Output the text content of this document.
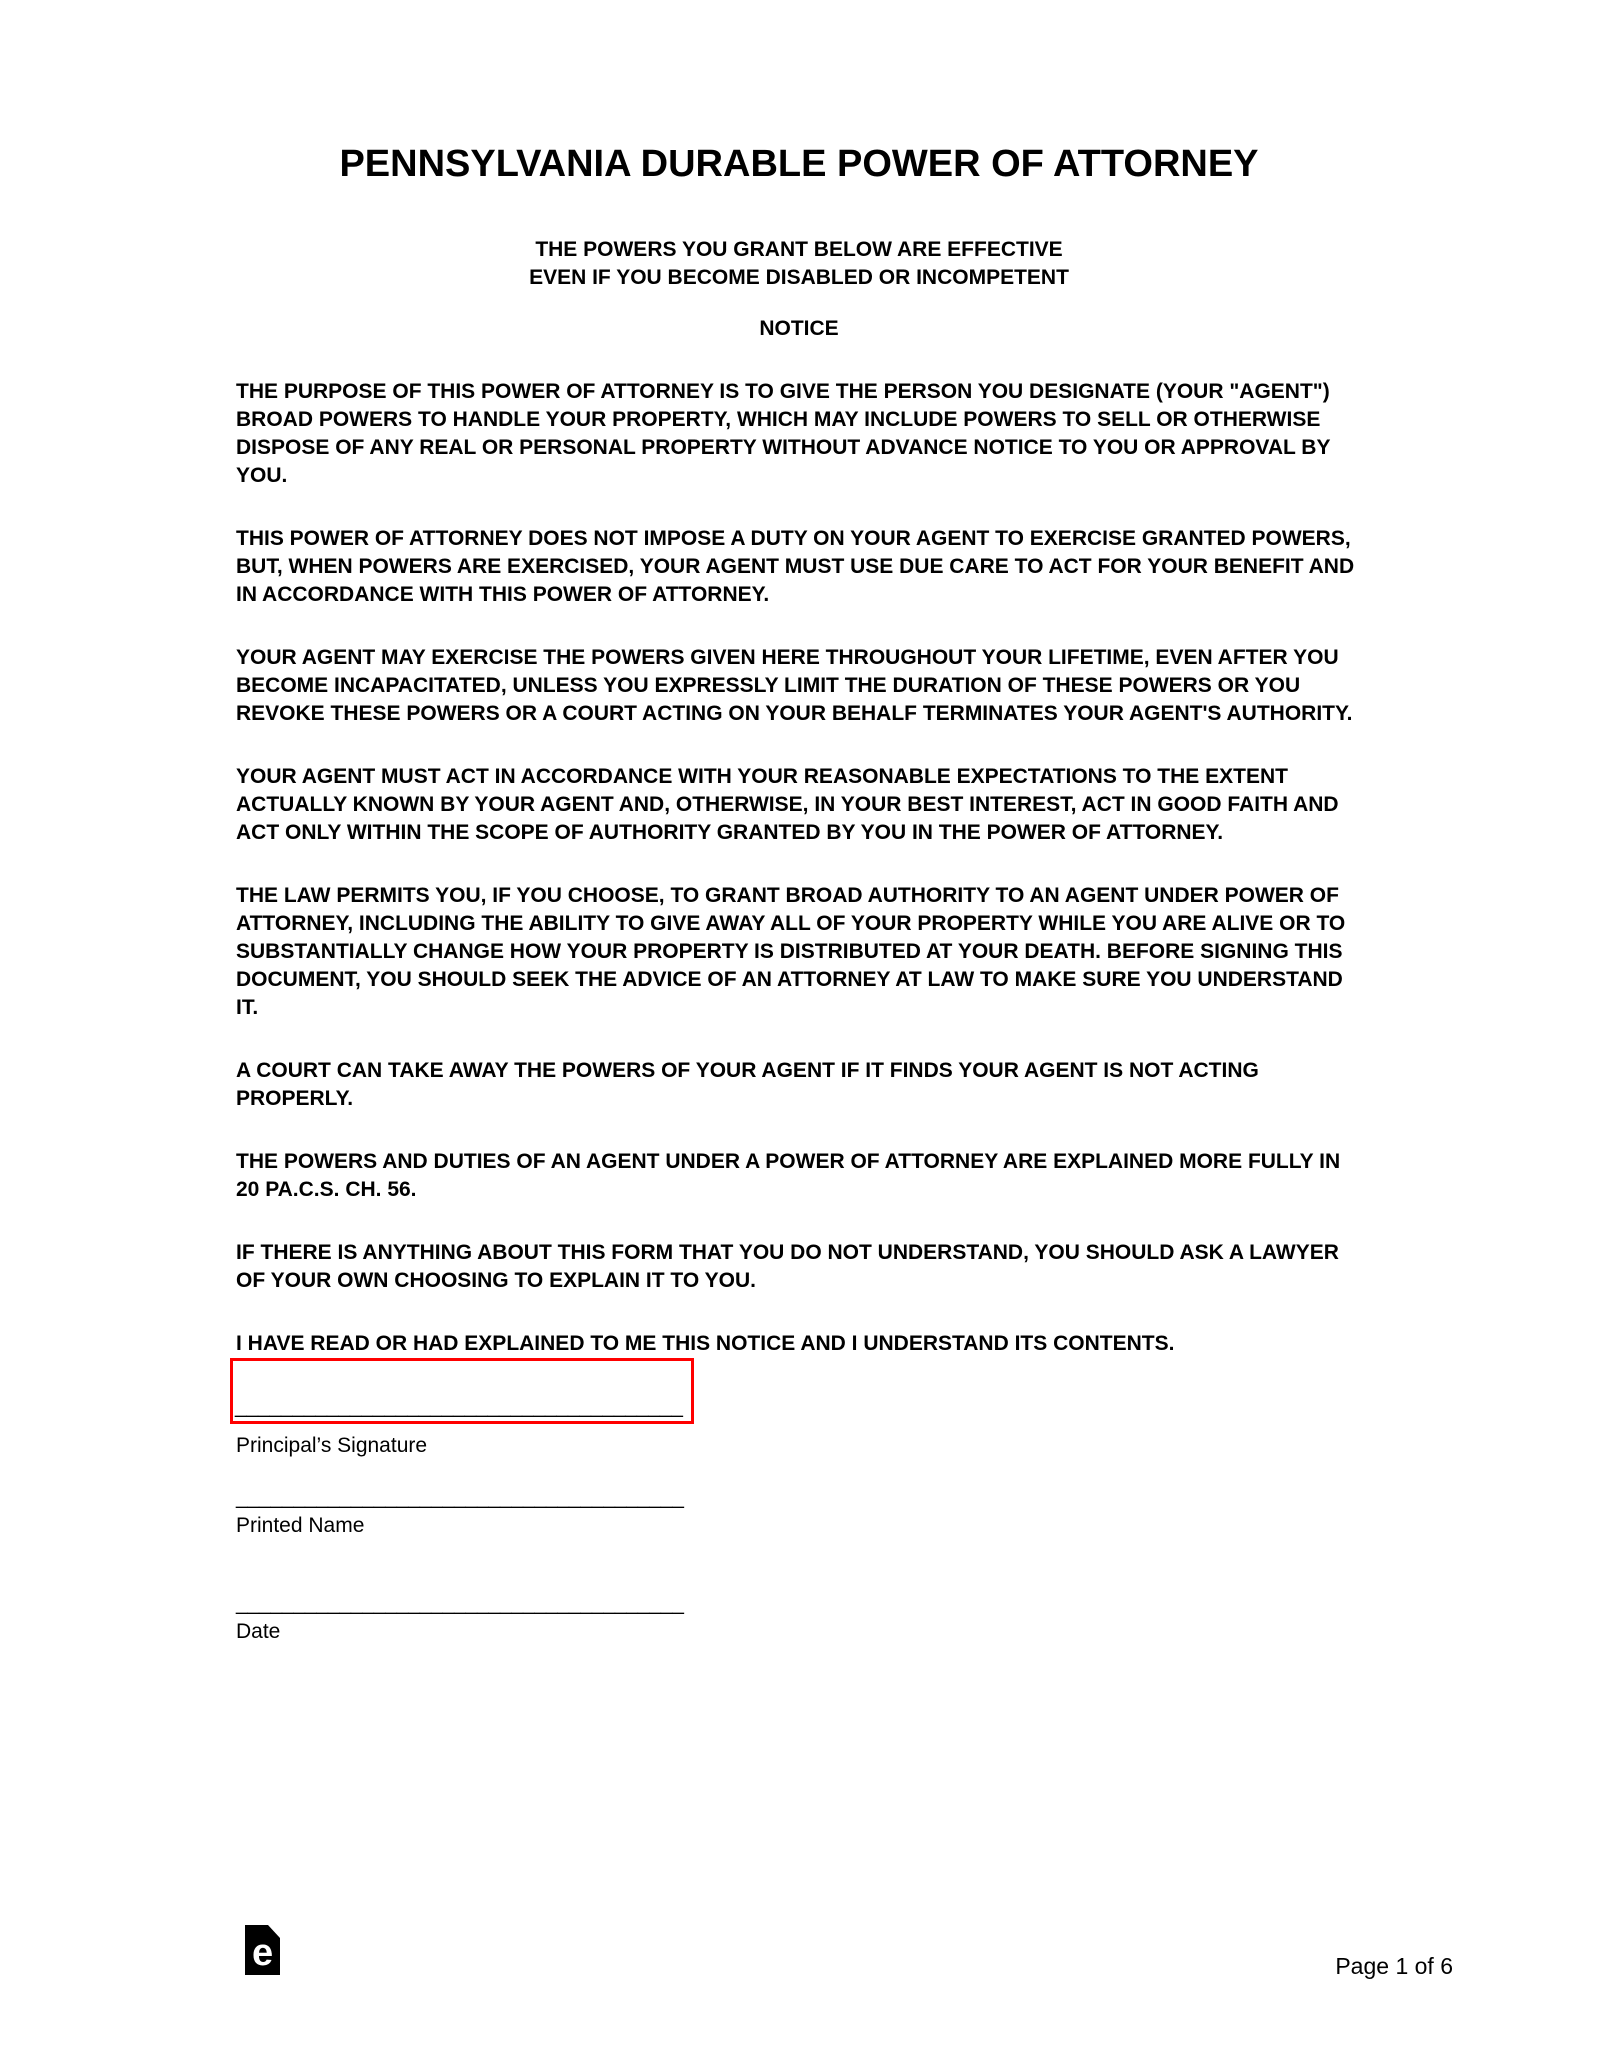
PENNSYLVANIA DURABLE POWER OF ATTORNEY
THE POWERS YOU GRANT BELOW ARE EFFECTIVE
EVEN IF YOU BECOME DISABLED OR INCOMPETENT
NOTICE

THE PURPOSE OF THIS POWER OF ATTORNEY IS TO GIVE THE PERSON YOU DESIGNATE (YOUR "AGENT") BROAD POWERS TO HANDLE YOUR PROPERTY, WHICH MAY INCLUDE POWERS TO SELL OR OTHERWISE DISPOSE OF ANY REAL OR PERSONAL PROPERTY WITHOUT ADVANCE NOTICE TO YOU OR APPROVAL BY YOU.

THIS POWER OF ATTORNEY DOES NOT IMPOSE A DUTY ON YOUR AGENT TO EXERCISE GRANTED POWERS, BUT, WHEN POWERS ARE EXERCISED, YOUR AGENT MUST USE DUE CARE TO ACT FOR YOUR BENEFIT AND IN ACCORDANCE WITH THIS POWER OF ATTORNEY.

YOUR AGENT MAY EXERCISE THE POWERS GIVEN HERE THROUGHOUT YOUR LIFETIME, EVEN AFTER YOU BECOME INCAPACITATED, UNLESS YOU EXPRESSLY LIMIT THE DURATION OF THESE POWERS OR YOU REVOKE THESE POWERS OR A COURT ACTING ON YOUR BEHALF TERMINATES YOUR AGENT'S AUTHORITY.

YOUR AGENT MUST ACT IN ACCORDANCE WITH YOUR REASONABLE EXPECTATIONS TO THE EXTENT ACTUALLY KNOWN BY YOUR AGENT AND, OTHERWISE, IN YOUR BEST INTEREST, ACT IN GOOD FAITH AND ACT ONLY WITHIN THE SCOPE OF AUTHORITY GRANTED BY YOU IN THE POWER OF ATTORNEY.

THE LAW PERMITS YOU, IF YOU CHOOSE, TO GRANT BROAD AUTHORITY TO AN AGENT UNDER POWER OF ATTORNEY, INCLUDING THE ABILITY TO GIVE AWAY ALL OF YOUR PROPERTY WHILE YOU ARE ALIVE OR TO SUBSTANTIALLY CHANGE HOW YOUR PROPERTY IS DISTRIBUTED AT YOUR DEATH. BEFORE SIGNING THIS DOCUMENT, YOU SHOULD SEEK THE ADVICE OF AN ATTORNEY AT LAW TO MAKE SURE YOU UNDERSTAND IT.

A COURT CAN TAKE AWAY THE POWERS OF YOUR AGENT IF IT FINDS YOUR AGENT IS NOT ACTING PROPERLY.

THE POWERS AND DUTIES OF AN AGENT UNDER A POWER OF ATTORNEY ARE EXPLAINED MORE FULLY IN 20 PA.C.S. CH. 56.

IF THERE IS ANYTHING ABOUT THIS FORM THAT YOU DO NOT UNDERSTAND, YOU SHOULD ASK A LAWYER OF YOUR OWN CHOOSING TO EXPLAIN IT TO YOU.

I HAVE READ OR HAD EXPLAINED TO ME THIS NOTICE AND I UNDERSTAND ITS CONTENTS.

_______________________________________
Principal’s Signature
_______________________________________
Printed Name
_______________________________________
Date
e	Page 1 of 6
